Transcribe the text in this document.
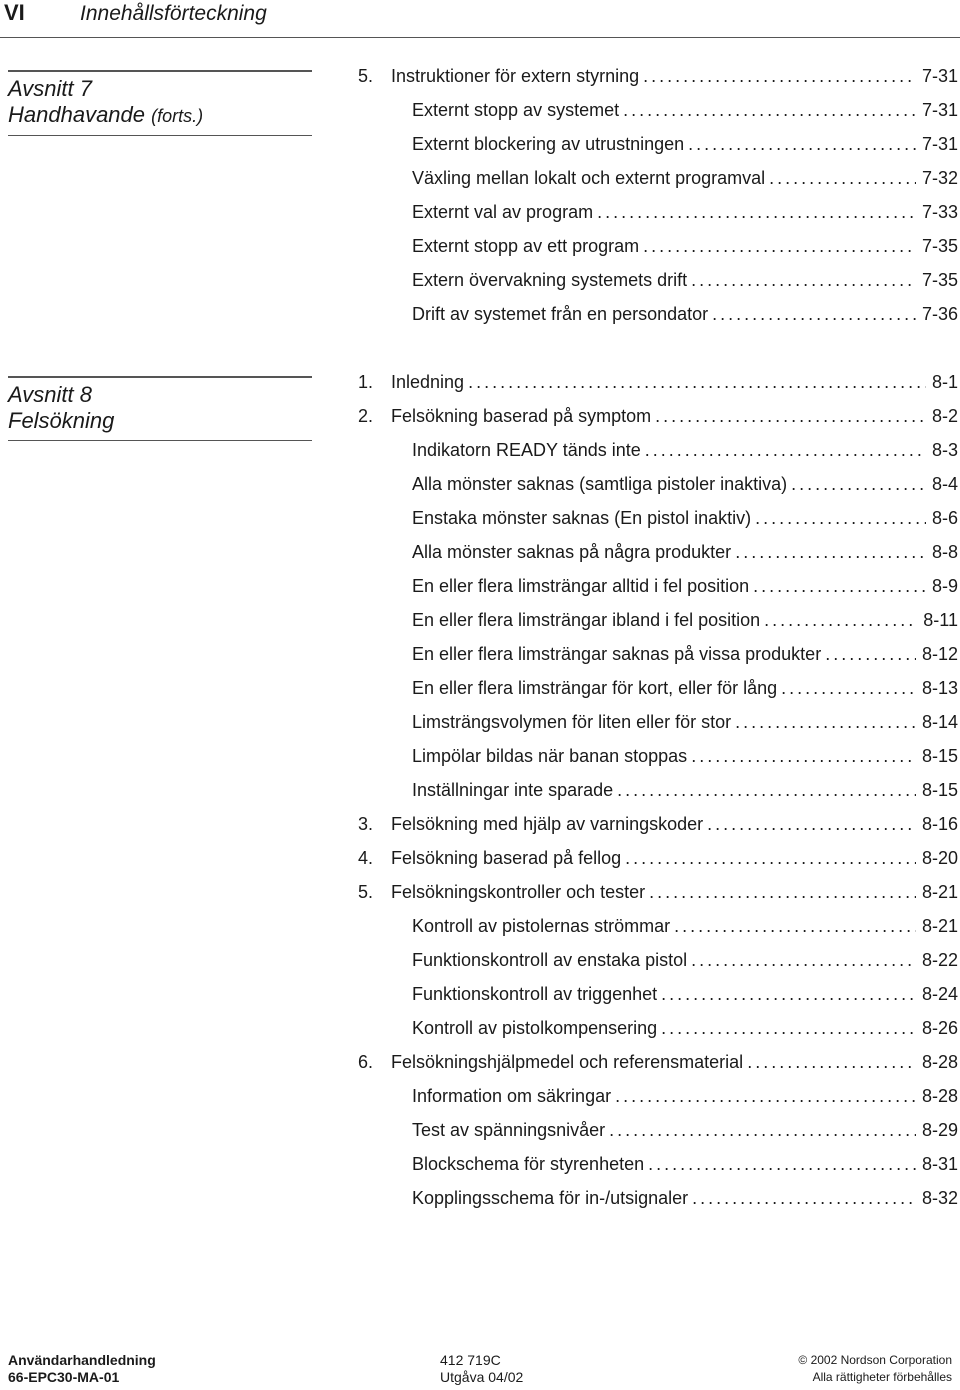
VI	Innehållsförteckning
Avsnitt 7
Handhavande (forts.)
5. Instruktioner för extern styrning .....	7-31
Externt stopp av systemet .....	7-31
Externt blockering av utrustningen .....	7-31
Växling mellan lokalt och externt programval .....	7-32
Externt val av program .....	7-33
Externt stopp av ett program .....	7-35
Extern övervakning systemets drift .....	7-35
Drift av systemet från en persondator .....	7-36
Avsnitt 8
Felsökning
1. Inledning .....	8-1
2. Felsökning baserad på symptom .....	8-2
Indikatorn READY tänds inte .....	8-3
Alla mönster saknas (samtliga pistoler inaktiva) .....	8-4
Enstaka mönster saknas (En pistol inaktiv) .....	8-6
Alla mönster saknas på några produkter .....	8-8
En eller flera limsträngar alltid i fel position .....	8-9
En eller flera limsträngar ibland i fel position .....	8-11
En eller flera limsträngar saknas på vissa produkter .....	8-12
En eller flera limsträngar för kort, eller för lång .....	8-13
Limsträngsvolymen för liten eller för stor .....	8-14
Limpölar bildas när banan stoppas .....	8-15
Inställningar inte sparade .....	8-15
3. Felsökning med hjälp av varningskoder .....	8-16
4. Felsökning baserad på fellog .....	8-20
5. Felsökningskontroller och tester .....	8-21
Kontroll av pistolernas strömmar .....	8-21
Funktionskontroll av enstaka pistol .....	8-22
Funktionskontroll av triggenhet .....	8-24
Kontroll av pistolkompensering .....	8-26
6. Felsökningshjälpmedel och referensmaterial .....	8-28
Information om säkringar .....	8-28
Test av spänningsnivåer .....	8-29
Blockschema för styrenheten .....	8-31
Kopplingsschema för in-/utsignaler .....	8-32
Användarhandledning
66-EPC30-MA-01
412 719C
Utgåva 04/02
© 2002 Nordson Corporation
Alla rättigheter förbehålles
